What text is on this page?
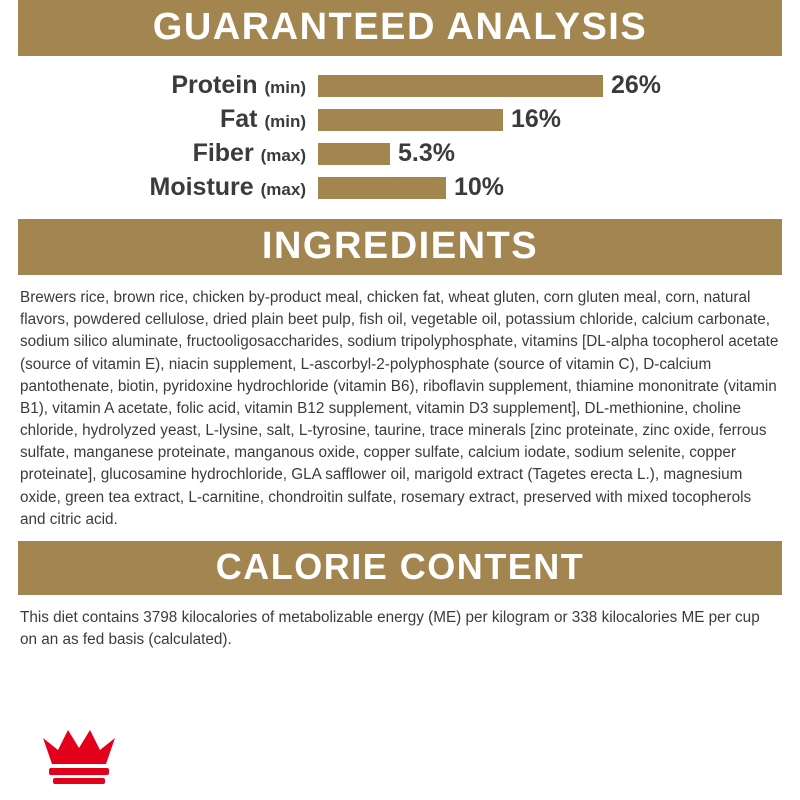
GUARANTEED ANALYSIS
Protein (min)	26%
Fat (min)	16%
Fiber (max)	5.3%
Moisture (max)	10%
INGREDIENTS
Brewers rice, brown rice, chicken by-product meal, chicken fat, wheat gluten, corn gluten meal, corn, natural flavors, powdered cellulose, dried plain beet pulp, fish oil, vegetable oil, potassium chloride, calcium carbonate, sodium silico aluminate, fructooligosaccharides, sodium tripolyphosphate, vitamins [DL-alpha tocopherol acetate (source of vitamin E), niacin supplement, L-ascorbyl-2-polyphosphate (source of vitamin C), D-calcium pantothenate, biotin, pyridoxine hydrochloride (vitamin B6), riboflavin supplement, thiamine mononitrate (vitamin B1), vitamin A acetate, folic acid, vitamin B12 supplement, vitamin D3 supplement], DL-methionine, choline chloride, hydrolyzed yeast, L-lysine, salt, L-tyrosine, taurine, trace minerals [zinc proteinate, zinc oxide, ferrous sulfate, manganese proteinate, manganous oxide, copper sulfate, calcium iodate, sodium selenite, copper proteinate], glucosamine hydrochloride, GLA safflower oil, marigold extract (Tagetes erecta L.), magnesium oxide, green tea extract, L-carnitine, chondroitin sulfate, rosemary extract, preserved with mixed tocopherols and citric acid.
CALORIE CONTENT
This diet contains 3798 kilocalories of metabolizable energy (ME) per kilogram or 338 kilocalories ME per cup on an as fed basis (calculated).
